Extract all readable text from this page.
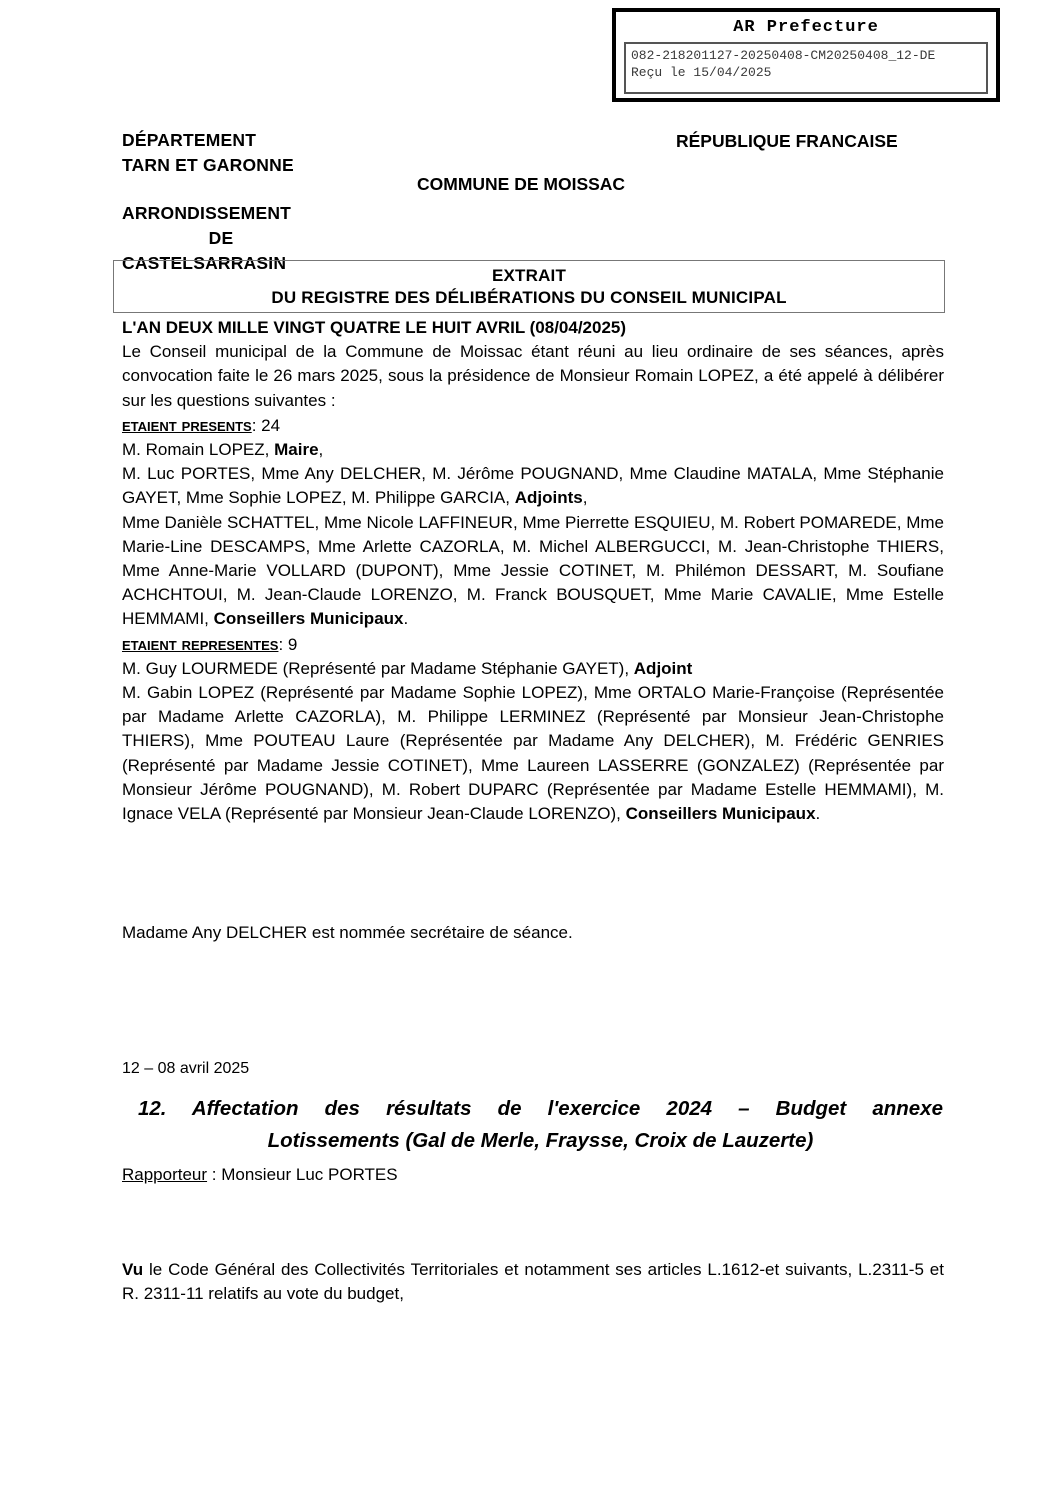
AR Prefecture
082-218201127-20250408-CM20250408_12-DE
Reçu le 15/04/2025
DÉPARTEMENT
TARN ET GARONNE
ARRONDISSEMENT
DE
CASTELSARRASIN
RÉPUBLIQUE FRANCAISE
COMMUNE DE MOISSAC
EXTRAIT
DU REGISTRE DES DÉLIBÉRATIONS DU CONSEIL MUNICIPAL

L'AN DEUX MILLE VINGT QUATRE LE HUIT AVRIL (08/04/2025)

Le Conseil municipal de la Commune de Moissac étant réuni au lieu ordinaire de ses séances, après convocation faite le 26 mars 2025, sous la présidence de Monsieur Romain LOPEZ, a été appelé à délibérer sur les questions suivantes :

etaient presents: 24

M. Romain LOPEZ, Maire,

M. Luc PORTES, Mme Any DELCHER, M. Jérôme POUGNAND, Mme Claudine MATALA, Mme Stéphanie GAYET, Mme Sophie LOPEZ, M. Philippe GARCIA, Adjoints,

Mme Danièle SCHATTEL, Mme Nicole LAFFINEUR, Mme Pierrette ESQUIEU, M. Robert POMAREDE, Mme Marie-Line DESCAMPS, Mme Arlette CAZORLA, M. Michel ALBERGUCCI, M. Jean-Christophe THIERS, Mme Anne-Marie VOLLARD (DUPONT), Mme Jessie COTINET, M. Philémon DESSART, M. Soufiane ACHCHTOUI, M. Jean-Claude LORENZO, M. Franck BOUSQUET, Mme Marie CAVALIE, Mme Estelle HEMMAMI, Conseillers Municipaux.

etaient representes: 9

M. Guy LOURMEDE (Représenté par Madame Stéphanie GAYET), Adjoint

M. Gabin LOPEZ (Représenté par Madame Sophie LOPEZ), Mme ORTALO Marie-Françoise (Représentée par Madame Arlette CAZORLA), M. Philippe LERMINEZ (Représenté par Monsieur Jean-Christophe THIERS), Mme POUTEAU Laure (Représentée par Madame Any DELCHER), M. Frédéric GENRIES (Représenté par Madame Jessie COTINET), Mme Laureen LASSERRE (GONZALEZ) (Représentée par Monsieur Jérôme POUGNAND), M. Robert DUPARC (Représentée par Madame Estelle HEMMAMI), M. Ignace VELA (Représenté par Monsieur Jean-Claude LORENZO), Conseillers Municipaux.

Madame Any DELCHER est nommée secrétaire de séance.
12 – 08 avril 2025
12. Affectation des résultats de l'exercice 2024 – Budget annexe
Lotissements (Gal de Merle, Fraysse, Croix de Lauzerte)
Rapporteur : Monsieur Luc PORTES
Vu le Code Général des Collectivités Territoriales et notamment ses articles L.1612-et suivants, L.2311-5 et R. 2311-11 relatifs au vote du budget,
